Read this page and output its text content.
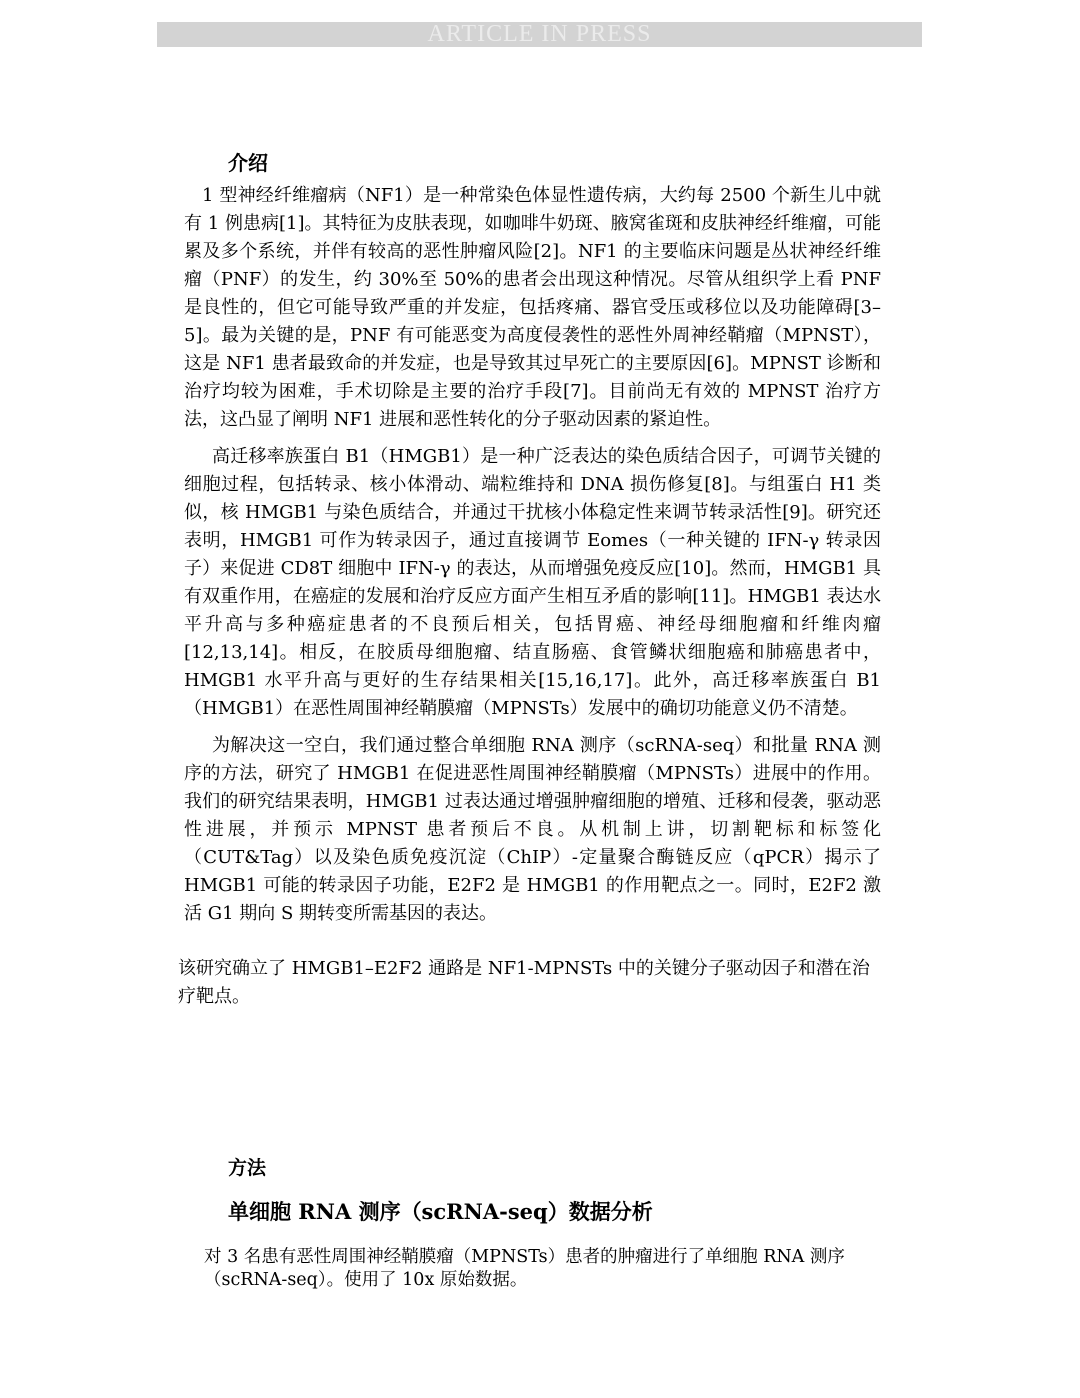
ARTICLE IN PRESS
介绍

1 型神经纤维瘤病（NF1）是一种常染色体显性遗传病，大约每 2500 个新生儿中就有 1 例患病[1]。其特征为皮肤表现，如咖啡牛奶斑、腋窝雀斑和皮肤神经纤维瘤，可能累及多个系统，并伴有较高的恶性肿瘤风险[2]。NF1 的主要临床问题是丛状神经纤维瘤（PNF）的发生，约 30%至 50%的患者会出现这种情况。尽管从组织学上看 PNF 是良性的，但它可能导致严重的并发症，包括疼痛、器官受压或移位以及功能障碍[3–5]。最为关键的是，PNF 有可能恶变为高度侵袭性的恶性外周神经鞘瘤（MPNST），这是 NF1 患者最致命的并发症，也是导致其过早死亡的主要原因[6]。MPNST 诊断和治疗均较为困难，手术切除是主要的治疗手段[7]。目前尚无有效的 MPNST 治疗方法，这凸显了阐明 NF1 进展和恶性转化的分子驱动因素的紧迫性。

高迁移率族蛋白 B1（HMGB1）是一种广泛表达的染色质结合因子，可调节关键的细胞过程，包括转录、核小体滑动、端粒维持和 DNA 损伤修复[8]。与组蛋白 H1 类似，核 HMGB1 与染色质结合，并通过干扰核小体稳定性来调节转录活性[9]。研究还表明，HMGB1 可作为转录因子，通过直接调节 Eomes（一种关键的 IFN-γ 转录因子）来促进 CD8T 细胞中 IFN-γ 的表达，从而增强免疫反应[10]。然而，HMGB1 具有双重作用，在癌症的发展和治疗反应方面产生相互矛盾的影响[11]。HMGB1 表达水平升高与多种癌症患者的不良预后相关，包括胃癌、神经母细胞瘤和纤维肉瘤[12,13,14]。相反，在胶质母细胞瘤、结直肠癌、食管鳞状细胞癌和肺癌患者中，HMGB1 水平升高与更好的生存结果相关[15,16,17]。此外，高迁移率族蛋白 B1（HMGB1）在恶性周围神经鞘膜瘤（MPNSTs）发展中的确切功能意义仍不清楚。

为解决这一空白，我们通过整合单细胞 RNA 测序（scRNA-seq）和批量 RNA 测序的方法，研究了 HMGB1 在促进恶性周围神经鞘膜瘤（MPNSTs）进展中的作用。我们的研究结果表明，HMGB1 过表达通过增强肿瘤细胞的增殖、迁移和侵袭，驱动恶性进展，并预示 MPNST 患者预后不良。从机制上讲，切割靶标和标签化（CUT&Tag）以及染色质免疫沉淀（ChIP）-定量聚合酶链反应（qPCR）揭示了 HMGB1 可能的转录因子功能，E2F2 是 HMGB1 的作用靶点之一。同时，E2F2 激活 G1 期向 S 期转变所需基因的表达。

该研究确立了 HMGB1–E2F2 通路是 NF1-MPNSTs 中的关键分子驱动因子和潜在治疗靶点。

方法
单细胞 RNA 测序（scRNA-seq）数据分析

对 3 名患有恶性周围神经鞘膜瘤（MPNSTs）患者的肿瘤进行了单细胞 RNA 测序（scRNA-seq）。使用了 10x 原始数据。
